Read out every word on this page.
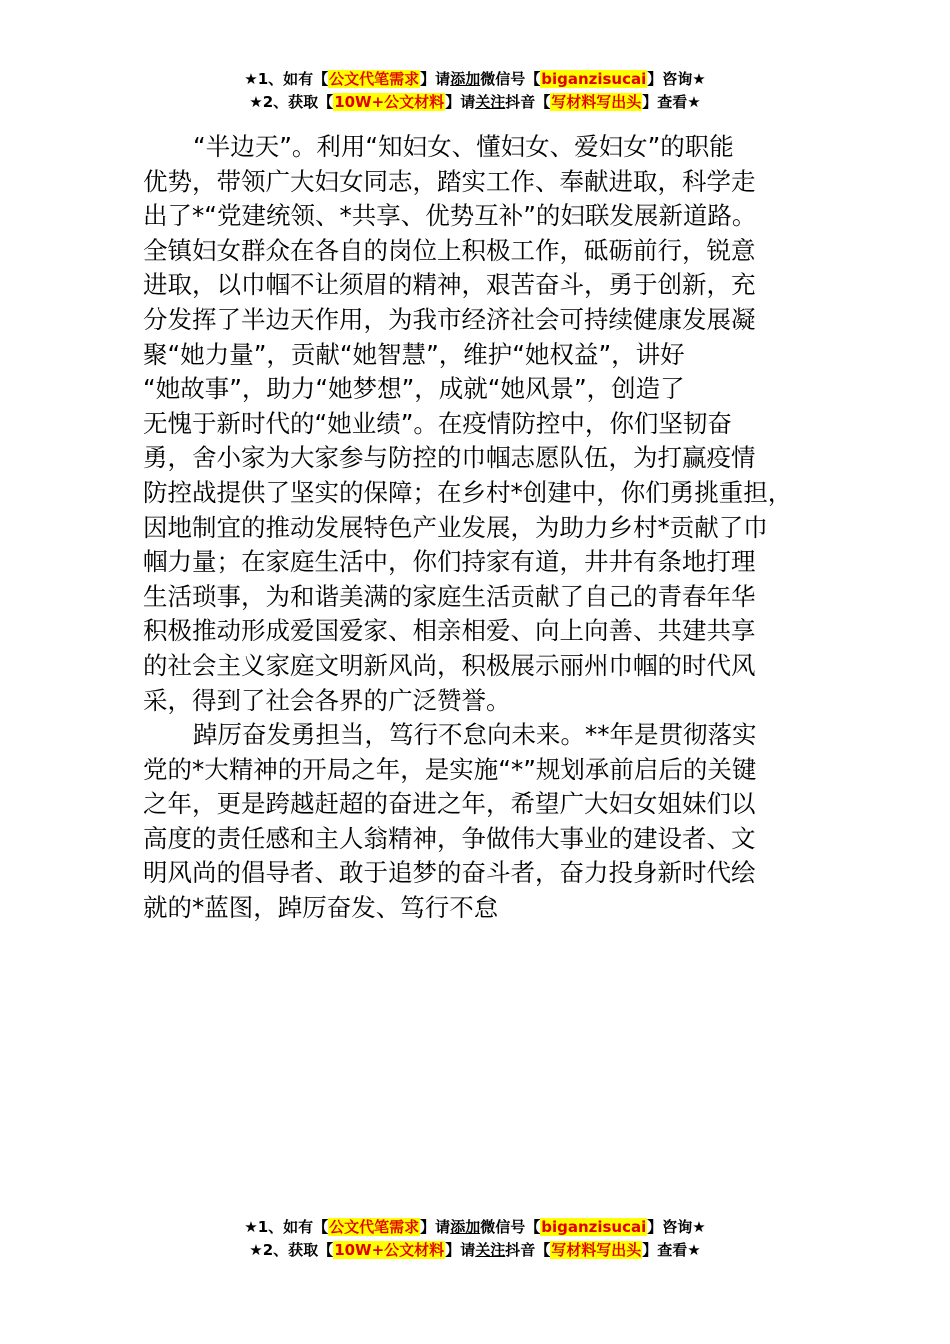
★1、如有【公文代笔需求】请添加微信号【biganzisucai】咨询★
★2、获取【10W+公文材料】请关注抖音【写材料写出头】查看★
“半边天”。利用“知妇女、懂妇女、爱妇女”的职能
优势，带领广大妇女同志，踏实工作、奉献进取，科学走
出了*“党建统领、*共享、优势互补”的妇联发展新道路。
全镇妇女群众在各自的岗位上积极工作，砥砺前行，锐意
进取，以巾帼不让须眉的精神，艰苦奋斗，勇于创新，充
分发挥了半边天作用，为我市经济社会可持续健康发展凝
聚“她力量”，贡献“她智慧”，维护“她权益”，讲好
“她故事”，助力“她梦想”，成就“她风景”，创造了
无愧于新时代的“她业绩”。在疫情防控中，你们坚韧奋
勇，舍小家为大家参与防控的巾帼志愿队伍，为打赢疫情
防控战提供了坚实的保障；在乡村*创建中，你们勇挑重担，
因地制宜的推动发展特色产业发展，为助力乡村*贡献了巾
帼力量；在家庭生活中，你们持家有道，井井有条地打理
生活琐事，为和谐美满的家庭生活贡献了自己的青春年华
积极推动形成爱国爱家、相亲相爱、向上向善、共建共享
的社会主义家庭文明新风尚，积极展示丽州巾帼的时代风
采，得到了社会各界的广泛赞誉。
踔厉奋发勇担当，笃行不怠向未来。**年是贯彻落实
党的*大精神的开局之年，是实施“*”规划承前启后的关键
之年，更是跨越赶超的奋进之年，希望广大妇女姐妹们以
高度的责任感和主人翁精神，争做伟大事业的建设者、文
明风尚的倡导者、敢于追梦的奋斗者，奋力投身新时代绘
就的*蓝图，踔厉奋发、笃行不怠
★1、如有【公文代笔需求】请添加微信号【biganzisucai】咨询★
★2、获取【10W+公文材料】请关注抖音【写材料写出头】查看★
